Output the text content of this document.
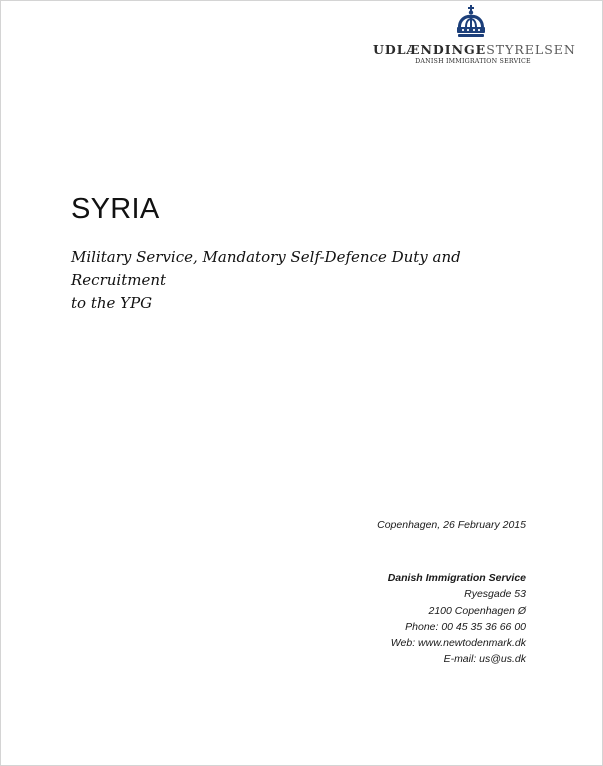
UDLÆNDINGESTYRELSEN
DANISH IMMIGRATION SERVICE
SYRIA

Military Service, Mandatory Self-Defence Duty and Recruitment
to the YPG

Copenhagen, 26 February 2015
Danish Immigration Service
Ryesgade 53
2100 Copenhagen Ø
Phone: 00 45 35 36 66 00
Web: www.newtodenmark.dk
E-mail: us@us.dk
